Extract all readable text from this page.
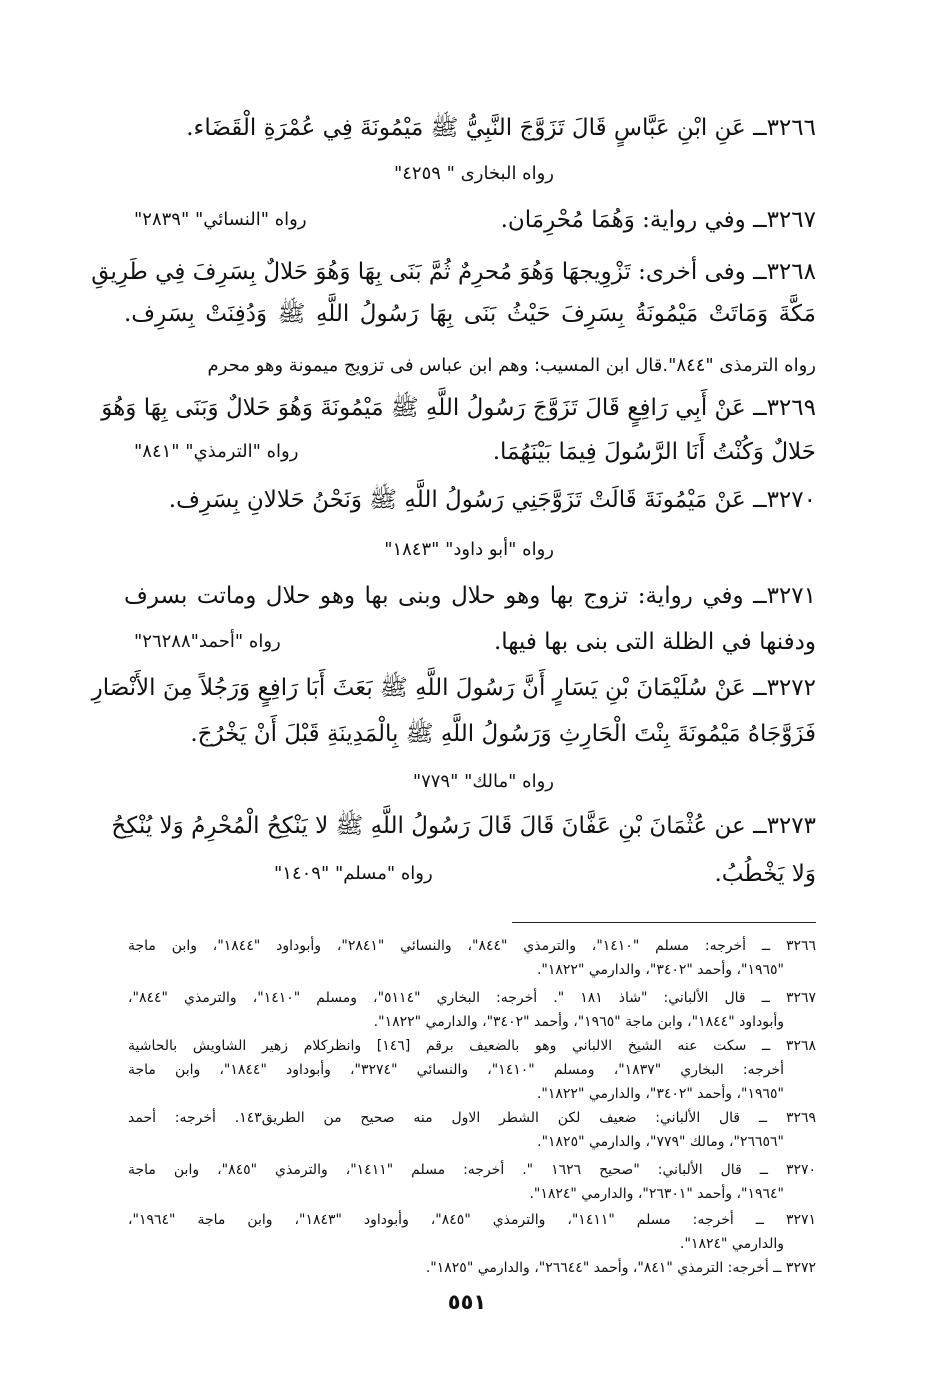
٣٢٦٦ــ عَنِ ابْنِ عَبَّاسٍ قَالَ تَزَوَّجَ النَّبِيُّ ﷺ مَيْمُونَةَ فِي عُمْرَةِ الْقَضَاء.
رواه البخارى " ٤٢٥٩"
٣٢٦٧ــ وفي رواية: وَهُمَا مُحْرِمَان.
رواه "النسائي" "٢٨٣٩"
٣٢٦٨ــ وفى أخرى: تَزْوِيجهَا وَهُوَ مُحرِمٌ ثُمَّ بَنَى بِهَا وَهُوَ حَلالٌ بِسَرِفَ فِي طَرِيقِ
مَكَّةَ وَمَاتَتْ مَيْمُونَةُ بِسَرِفَ حَيْثُ بَنَى بِهَا رَسُولُ اللَّهِ ﷺ وَدُفِنَتْ بِسَرِف.
رواه الترمذى "٨٤٤".قال ابن المسيب: وهم ابن عباس فى تزويج ميمونة وهو محرم
٣٢٦٩ــ عَنْ أَبِي رَافِعٍ قَالَ تَزَوَّجَ رَسُولُ اللَّهِ ﷺ مَيْمُونَةَ وَهُوَ حَلالٌ وَبَنَى بِهَا وَهُوَ
حَلالٌ وَكُنْتُ أَنَا الرَّسُولَ فِيمَا بَيْنَهُمَا.
رواه "الترمذي" "٨٤١"
٣٢٧٠ــ عَنْ مَيْمُونَةَ قَالَتْ تَزَوَّجَنِي رَسُولُ اللَّهِ ﷺ وَنَحْنُ حَلالانِ بِسَرِف.
رواه "أبو داود" "١٨٤٣"
٣٢٧١ــ وفي رواية: تزوج بها وهو حلال وبنى بها وهو حلال وماتت بسرف
ودفنها في الظلة التى بنى بها فيها.
رواه "أحمد"٢٦٢٨٨"
٣٢٧٢ــ عَنْ سُلَيْمَانَ بْنِ يَسَارٍ أَنَّ رَسُولَ اللَّهِ ﷺ بَعَثَ أَبَا رَافِعٍ وَرَجُلاً مِنَ الأَنْصَارِ
فَزَوَّجَاهُ مَيْمُونَةَ بِنْتَ الْحَارِثِ وَرَسُولُ اللَّهِ ﷺ بِالْمَدِينَةِ قَبْلَ أَنْ يَخْرُجَ.
رواه "مالك" "٧٧٩"
٣٢٧٣ــ عن عُثْمَانَ بْنِ عَفَّانَ قَالَ قَالَ رَسُولُ اللَّهِ ﷺ لا يَنْكِحُ الْمُحْرِمُ وَلا يُنْكِحُ
وَلا يَخْطُبُ.
رواه "مسلم" "١٤٠٩"
٣٢٦٦ ــ أخرجه: مسلم "١٤١٠"، والترمذي "٨٤٤"، والنسائي "٢٨٤١"، وأبوداود "١٨٤٤"، وابن ماجة
"١٩٦٥"، وأحمد "٣٤٠٢"، والدارمي "١٨٢٢".
٣٢٦٧ ــ قال الألباني: "شاذ ١٨١ ". أخرجه: البخاري "٥١١٤"، ومسلم "١٤١٠"، والترمذي "٨٤٤"،
وأبوداود "١٨٤٤"، وابن ماجة "١٩٦٥"، وأحمد "٣٤٠٢"، والدارمي "١٨٢٢".
٣٢٦٨ ــ سكت عنه الشيخ الالباني وهو بالضعيف برقم [١٤٦] وانظركلام زهير الشاويش بالحاشية
أخرجه: البخاري "١٨٣٧"، ومسلم "١٤١٠"، والنسائي "٣٢٧٤"، وأبوداود "١٨٤٤"، وابن ماجة
"١٩٦٥"، وأحمد "٣٤٠٢"، والدارمي "١٨٢٢".
٣٢٦٩ ــ قال الألباني: ضعيف لكن الشطر الاول منه صحيح من الطريق١٤٣. أخرجه: أحمد
"٢٦٦٥٦"، ومالك "٧٧٩"، والدارمي "١٨٢٥".
٣٢٧٠ ــ قال الألباني: "صحيح ١٦٢٦ ". أخرجه: مسلم "١٤١١"، والترمذي "٨٤٥"، وابن ماجة
"١٩٦٤"، وأحمد "٢٦٣٠١"، والدارمي "١٨٢٤".
٣٢٧١ ــ أخرجه: مسلم "١٤١١"، والترمذي "٨٤٥"، وأبوداود "١٨٤٣"، وابن ماجة "١٩٦٤"،
والدارمي "١٨٢٤".
٣٢٧٢ ــ أخرجه: الترمذي "٨٤١"، وأحمد "٢٦٦٤٤"، والدارمي "١٨٢٥".
٥٥١
